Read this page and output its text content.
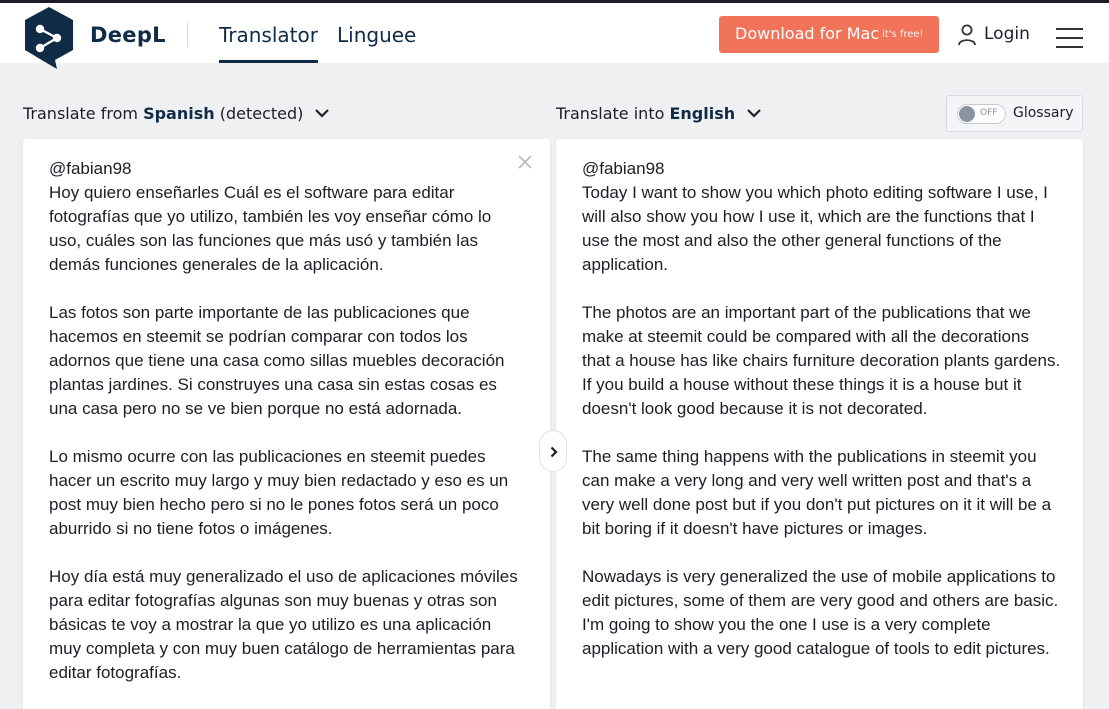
DeepL	Translator Linguee	Download for Mac it's free!	Login
Translate from Spanish (detected)	Translate into English	OFF Glossary

@fabian98

Hoy quiero enseñarles Cuál es el software para editar fotografías que yo utilizo, también les voy enseñar cómo lo uso, cuáles son las funciones que más usó y también las demás funciones generales de la aplicación.

Las fotos son parte importante de las publicaciones que hacemos en steemit se podrían comparar con todos los adornos que tiene una casa como sillas muebles decoración plantas jardines. Si construyes una casa sin estas cosas es una casa pero no se ve bien porque no está adornada.

Lo mismo ocurre con las publicaciones en steemit puedes hacer un escrito muy largo y muy bien redactado y eso es un post muy bien hecho pero si no le pones fotos será un poco aburrido si no tiene fotos o imágenes.

Hoy día está muy generalizado el uso de aplicaciones móviles para editar fotografías algunas son muy buenas y otras son básicas te voy a mostrar la que yo utilizo es una aplicación muy completa y con muy buen catálogo de herramientas para editar fotografías.

@fabian98

Today I want to show you which photo editing software I use, I will also show you how I use it, which are the functions that I use the most and also the other general functions of the application.

The photos are an important part of the publications that we make at steemit could be compared with all the decorations that a house has like chairs furniture decoration plants gardens. If you build a house without these things it is a house but it doesn't look good because it is not decorated.

The same thing happens with the publications in steemit you can make a very long and very well written post and that's a very well done post but if you don't put pictures on it it will be a bit boring if it doesn't have pictures or images.

Nowadays is very generalized the use of mobile applications to edit pictures, some of them are very good and others are basic. I'm going to show you the one I use is a very complete application with a very good catalogue of tools to edit pictures.
